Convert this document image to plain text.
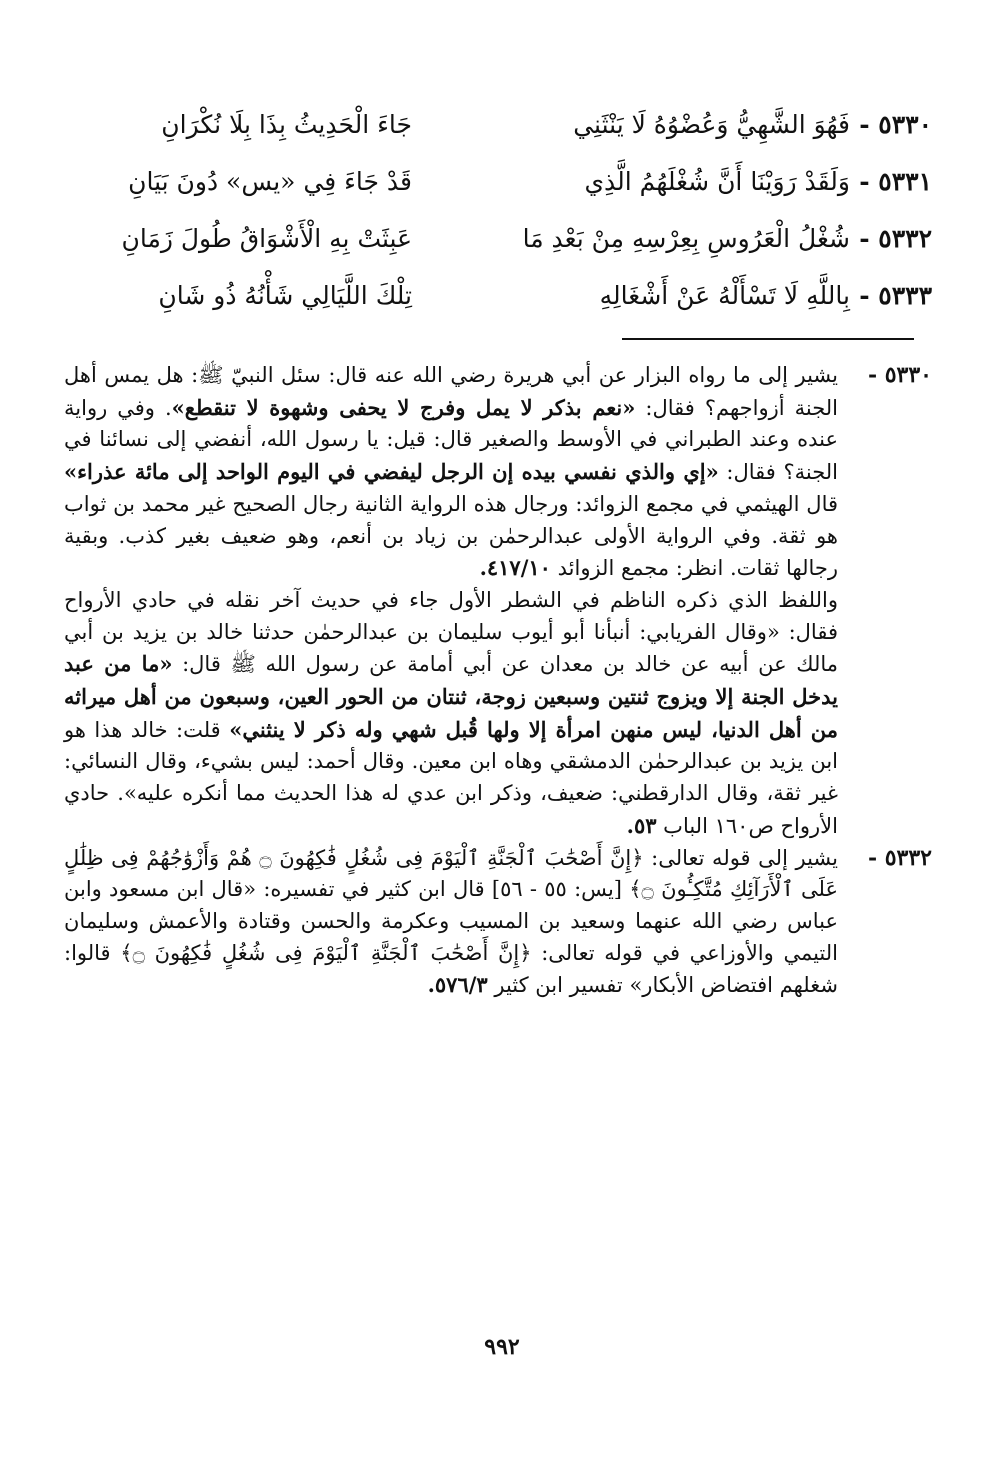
٥٣٣٠ -
فَهُوَ الشَّهِيُّ وَعُضْوُهُ لَا يَنْثَنِي
جَاءَ الْحَدِيثُ بِذَا بِلَا نُكْرَانِ
٥٣٣١ -
وَلَقَدْ رَوَيْنَا أَنَّ شُغْلَهُمُ الَّذِي
قَدْ جَاءَ فِي «يس» دُونَ بَيَانِ
٥٣٣٢ -
شُغْلُ الْعَرُوسِ بِعِرْسِهِ مِنْ بَعْدِ مَا
عَبِثَتْ بِهِ الْأَشْوَاقُ طُولَ زَمَانِ
٥٣٣٣ -
بِاللَّهِ لَا تَسْأَلْهُ عَنْ أَشْغَالِهِ
تِلْكَ اللَّيَالِي شَأْنُهُ ذُو شَانِ
٥٣٣٠ -

يشير إلى ما رواه البزار عن أبي هريرة رضي الله عنه قال: سئل النبيّ ﷺ: هل يمس أهل الجنة أزواجهم؟ فقال: «نعم بذكر لا يمل وفرج لا يحفى وشهوة لا تنقطع». وفي رواية عنده وعند الطبراني في الأوسط والصغير قال: قيل: يا رسول الله، أنفضي إلى نسائنا في الجنة؟ فقال: «إي والذي نفسي بيده إن الرجل ليفضي في اليوم الواحد إلى مائة عذراء» قال الهيثمي في مجمع الزوائد: ورجال هذه الرواية الثانية رجال الصحيح غير محمد بن ثواب هو ثقة. وفي الرواية الأولى عبدالرحمٰن بن زياد بن أنعم، وهو ضعيف بغير كذب. وبقية رجالها ثقات. انظر: مجمع الزوائد ٤١٧/١٠.

واللفظ الذي ذكره الناظم في الشطر الأول جاء في حديث آخر نقله في حادي الأرواح فقال: «وقال الفريابي: أنبأنا أبو أيوب سليمان بن عبدالرحمٰن حدثنا خالد بن يزيد بن أبي مالك عن أبيه عن خالد بن معدان عن أبي أمامة عن رسول الله ﷺ قال: «ما من عبد يدخل الجنة إلا ويزوج ثنتين وسبعين زوجة، ثنتان من الحور العين، وسبعون من أهل ميراثه من أهل الدنيا، ليس منهن امرأة إلا ولها قُبل شهي وله ذكر لا ينثني» قلت: خالد هذا هو ابن يزيد بن عبدالرحمٰن الدمشقي وهاه ابن معين. وقال أحمد: ليس بشيء، وقال النسائي: غير ثقة، وقال الدارقطني: ضعيف، وذكر ابن عدي له هذا الحديث مما أنكره عليه». حادي الأرواح ص١٦٠ الباب ٥٣.

٥٣٣٢ -

يشير إلى قوله تعالى: ﴿إِنَّ أَصْحَٰبَ ٱلْجَنَّةِ ٱلْيَوْمَ فِى شُغُلٍ فَٰكِهُونَ ۝ هُمْ وَأَزْوَٰجُهُمْ فِى ظِلَٰلٍ عَلَى ٱلْأَرَآئِكِ مُتَّكِـُٔونَ ۝﴾ [يس: ٥٥ - ٥٦] قال ابن كثير في تفسيره: «قال ابن مسعود وابن عباس رضي الله عنهما وسعيد بن المسيب وعكرمة والحسن وقتادة والأعمش وسليمان التيمي والأوزاعي في قوله تعالى: ﴿إِنَّ أَصْحَٰبَ ٱلْجَنَّةِ ٱلْيَوْمَ فِى شُغُلٍ فَٰكِهُونَ ۝﴾ قالوا: شغلهم افتضاض الأبكار» تفسير ابن كثير ٥٧٦/٣.

٩٩٢
